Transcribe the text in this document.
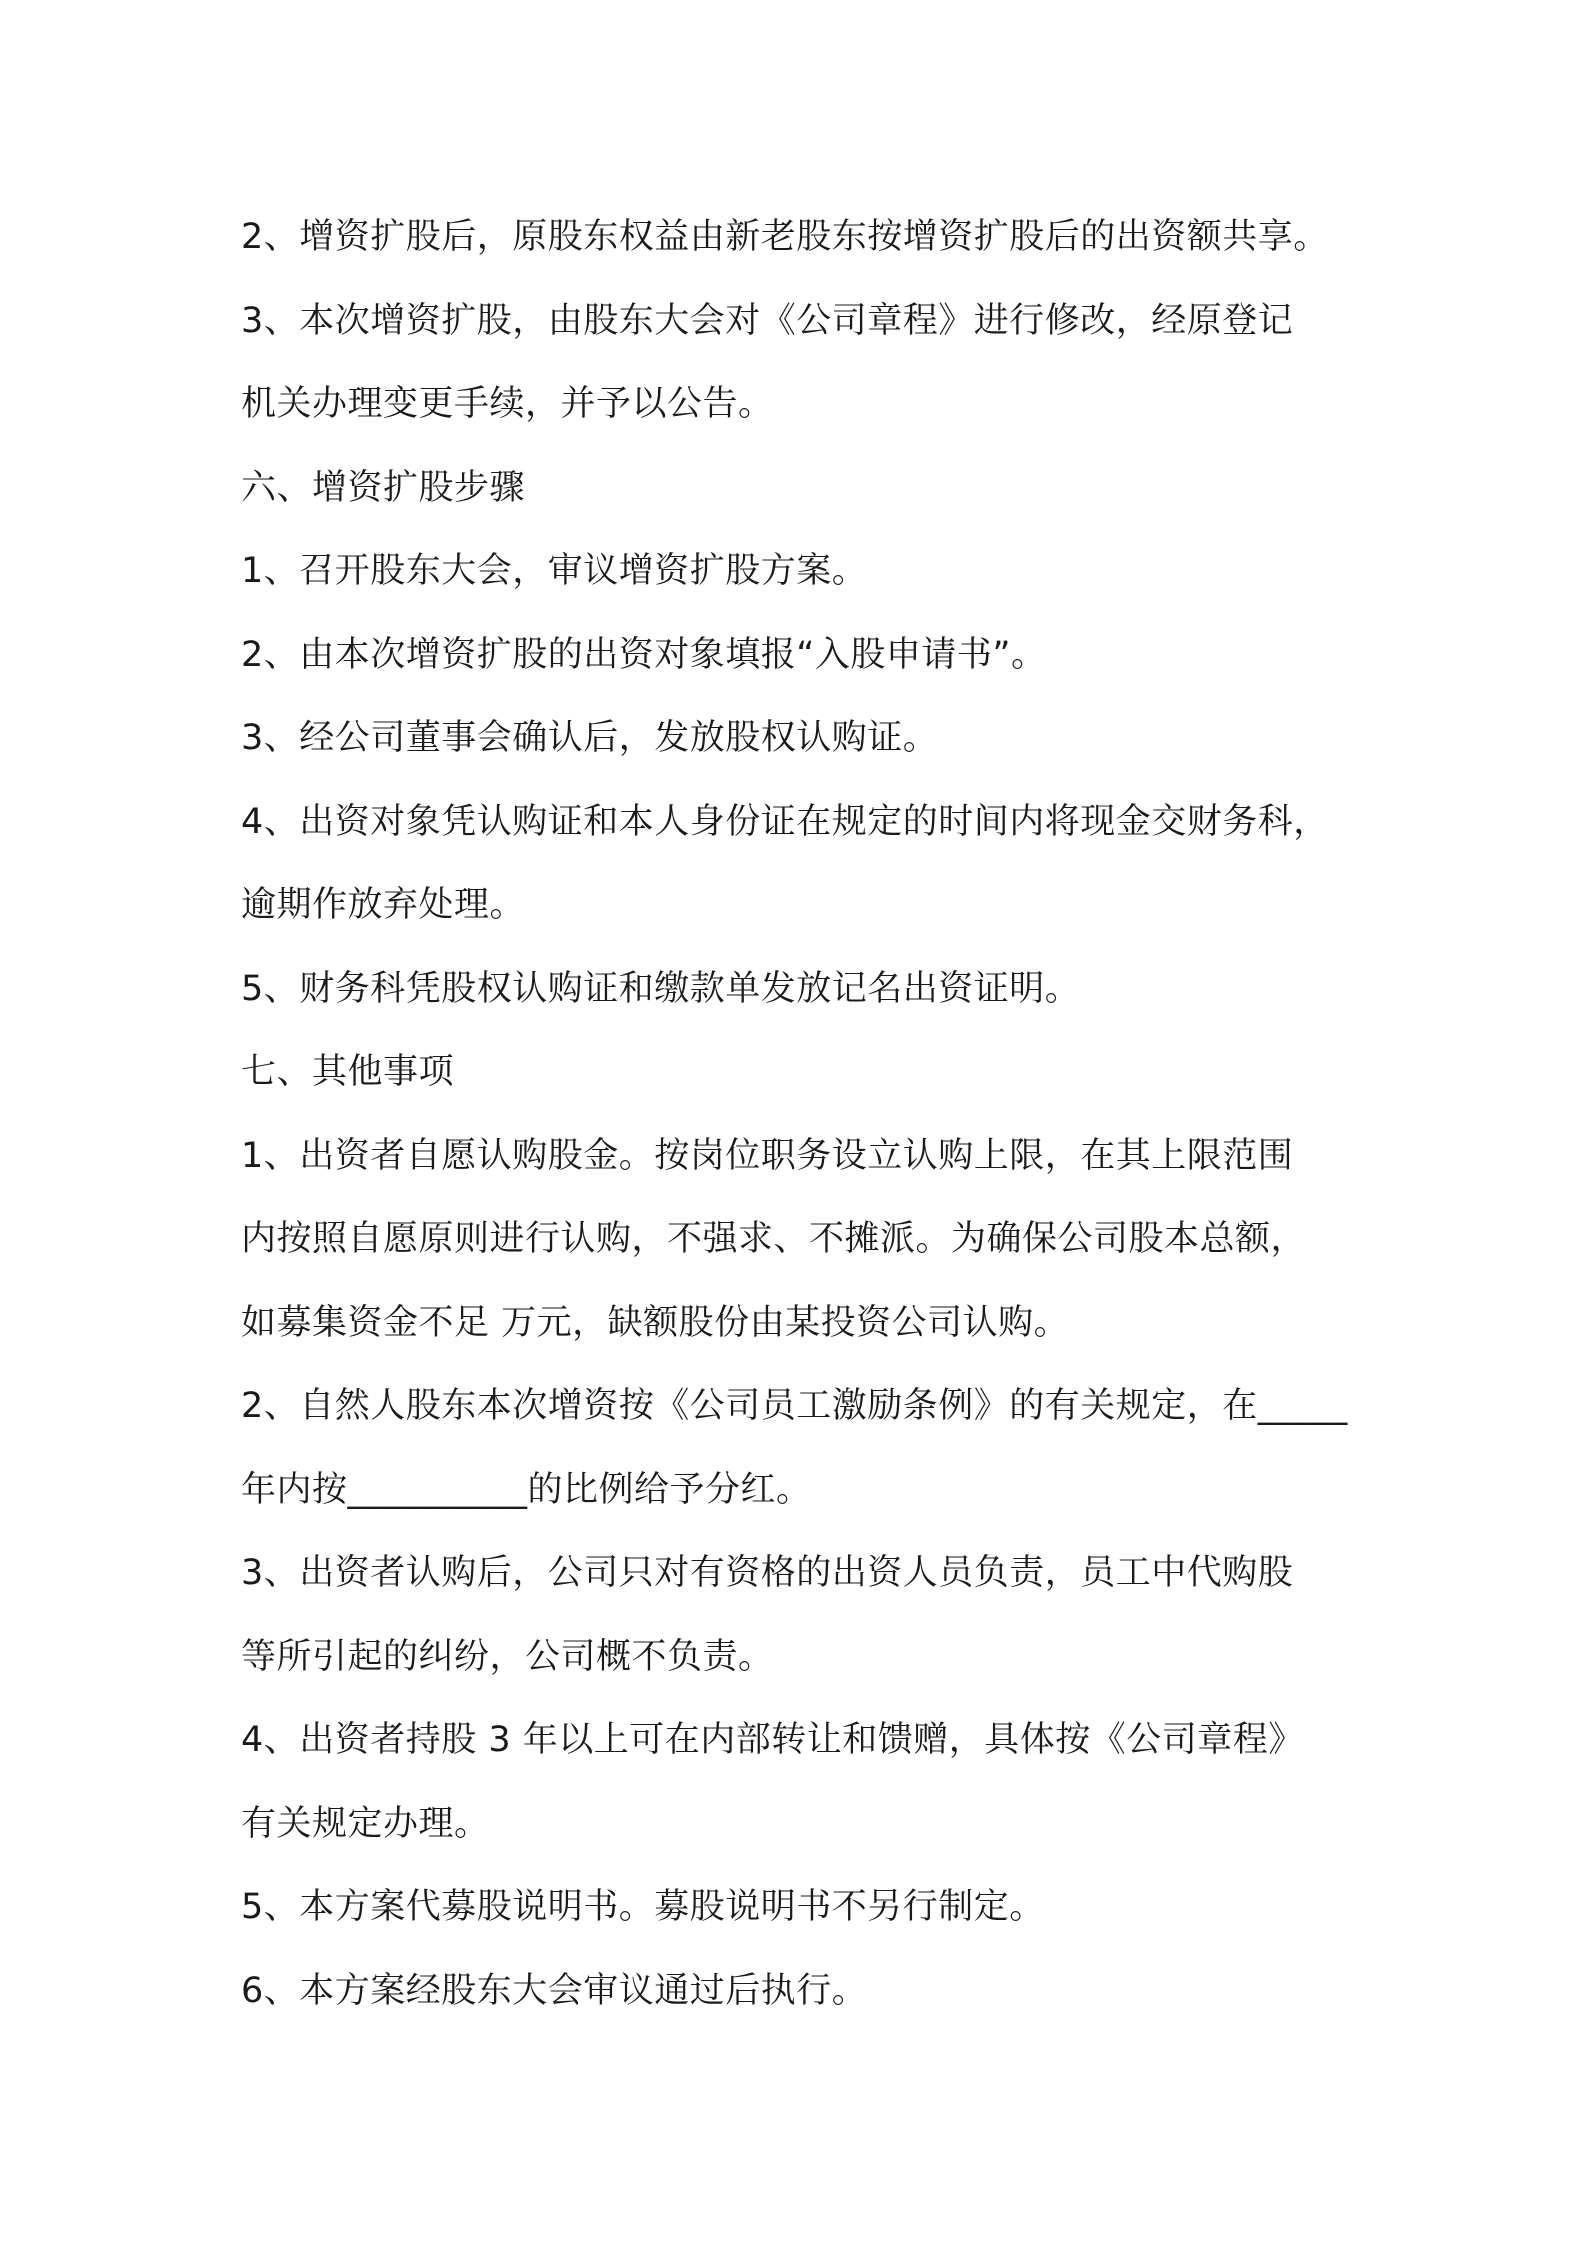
2、增资扩股后，原股东权益由新老股东按增资扩股后的出资额共享。
3、本次增资扩股，由股东大会对《公司章程》进行修改，经原登记
机关办理变更手续，并予以公告。
六、增资扩股步骤
1、召开股东大会，审议增资扩股方案。
2、由本次增资扩股的出资对象填报“入股申请书”。
3、经公司董事会确认后，发放股权认购证。
4、出资对象凭认购证和本人身份证在规定的时间内将现金交财务科，
逾期作放弃处理。
5、财务科凭股权认购证和缴款单发放记名出资证明。
七、其他事项
1、出资者自愿认购股金。按岗位职务设立认购上限，在其上限范围
内按照自愿原则进行认购，不强求、不摊派。为确保公司股本总额，
如募集资金不足 万元，缺额股份由某投资公司认购。
2、自然人股东本次增资按《公司员工激励条例》的有关规定，在_____
年内按__________的比例给予分红。
3、出资者认购后，公司只对有资格的出资人员负责，员工中代购股
等所引起的纠纷，公司概不负责。
4、出资者持股 3 年以上可在内部转让和馈赠，具体按《公司章程》
有关规定办理。
5、本方案代募股说明书。募股说明书不另行制定。
6、本方案经股东大会审议通过后执行。
